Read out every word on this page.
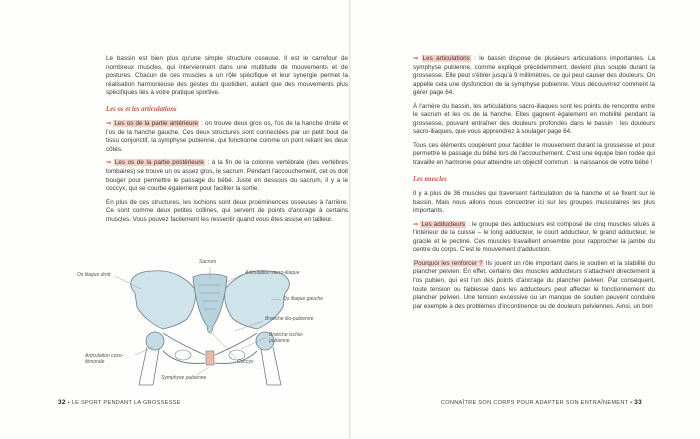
Le bassin est bien plus qu'une simple structure osseuse. Il est le carrefour de nombreux muscles, qui interviennent dans une multitude de mouvements et de postures. Chacun de ces muscles a un rôle spécifique et leur synergie permet la réalisation harmonieuse des gestes du quotidien, autant que des mouvements plus spécifiques liés à votre pratique sportive.

Les os et les articulations

⇒ Les os de la partie antérieure : on trouve deux gros os, l'os de la hanche droite et l'os de la hanche gauche. Ces deux structures sont connectées par un petit bout de tissu conjonctif, la symphyse pubienne, qui fonctionne comme un pont reliant les deux côtés.

⇒ Les os de la partie postérieure : à la fin de la colonne vertébrale (des vertèbres lombaires) se trouve un os assez gros, le sacrum. Pendant l'accouchement, cet os doit bouger pour permettre le passage du bébé. Juste en dessous du sacrum, il y a le coccyx, qui se courbe également pour faciliter la sortie.

En plus de ces structures, les ischions sont deux proéminences osseuses à l'arrière. Ce sont comme deux petites collines, qui servent de points d'ancrage à certains muscles. Vous pouvez facilement les ressentir quand vous êtes assise en tailleur.

Sacrum
Os iliaque droit	Articulation sacro-iliaque
Os iliaque gauche
Branche ilio-pubienne
Branche ischio-pubienne
Articulation coxo-fémorale
Symphyse pubienne
Coccyx
32 • LE SPORT PENDANT LA GROSSESSE

⇒ Les articulations : le bassin dispose de plusieurs articulations importantes. La symphyse pubienne, comme expliqué précédemment, devient plus souple durant la grossesse. Elle peut s'étirer jusqu'à 9 millimètres, ce qui peut causer des douleurs. On appelle cela une dysfonction de la symphyse pubienne. Vous découvrirez comment la gérer page 64.

À l'arrière du bassin, les articulations sacro-iliaques sont les points de rencontre entre le sacrum et les os de la hanche. Elles gagnent également en mobilité pendant la grossesse, pouvant entraîner des douleurs profondes dans le bassin : les douleurs sacro-iliaques, que vous apprendrez à soulager page 64.

Tous ces éléments coopèrent pour faciliter le mouvement durant la grossesse et pour permettre le passage du bébé lors de l'accouchement. C'est une équipe bien rodée qui travaille en harmonie pour atteindre un objectif commun : la naissance de votre bébé !

Les muscles

Il y a plus de 36 muscles qui traversent l'articulation de la hanche et se fixent sur le bassin. Mais nous allons nous concentrer ici sur les groupes musculaires les plus importants.

⇒ Les adducteurs : le groupe des adducteurs est composé de cinq muscles situés à l'intérieur de la cuisse – le long adducteur, le court adducteur, le grand adducteur, le gracile et le pectiné. Ces muscles travaillent ensemble pour rapprocher la jambe du centre du corps. C'est le mouvement d'adduction.

Pourquoi les renforcer ? Ils jouent un rôle important dans le soutien et la stabilité du plancher pelvien. En effet, certains des muscles adducteurs s'attachent directement à l'os pubien, qui est l'un des points d'ancrage du plancher pelvien. Par conséquent, toute tension ou faiblesse dans les adducteurs peut affecter le fonctionnement du plancher pelvien. Une tension excessive ou un manque de soutien peuvent conduire par exemple à des problèmes d'incontinence ou de douleurs pelviennes. Ainsi, un bon

CONNAÎTRE SON CORPS POUR ADAPTER SON ENTRAÎNEMENT • 33
